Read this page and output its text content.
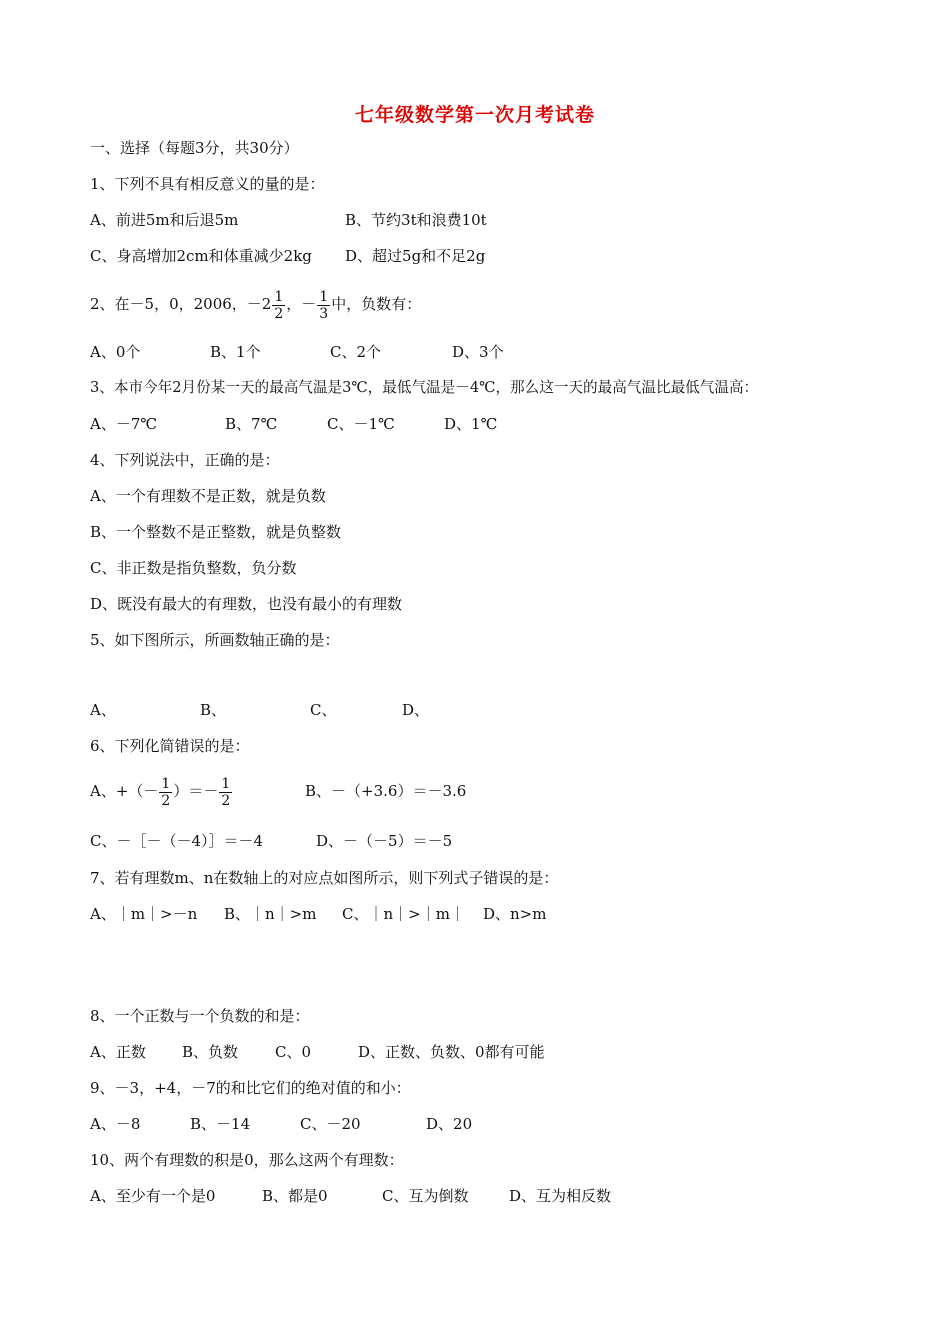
七年级数学第一次月考试卷
一、选择（每题3分，共30分）
1、下列不具有相反意义的量的是：
A、前进5m和后退5m	B、节约3t和浪费10t
C、身高增加2cm和体重减少2kg D、超过5g和不足2g
2、在－5，0，2006，$-2 \frac{1}{2}$ ，－ $\frac{1}{3}$ 中，负数有：
A、0个	B、1个	C、2个	D、3个
3、本市今年2月份某一天的最高气温是3℃，最低气温是－4℃，那么这一天的最高气温比最低气温高：
A、－7℃	B、7℃	C、－1℃	D、1℃
4、下列说法中，正确的是：
A、一个有理数不是正数，就是负数
B、一个整数不是正整数，就是负整数
C、非正数是指负整数，负分数
D、既没有最大的有理数，也没有最小的有理数
5、如下图所示，所画数轴正确的是：
A、	B、	C、	D、
6、下列化简错误的是：
A、+（－ $\frac{1}{2}$ ）＝－ $\frac{1}{2}$	B、－（+3.6）＝－3.6
C、－［－（－4）］＝－4	D、－（－5）＝－5
7、若有理数m、n在数轴上的对应点如图所示，则下列式子错误的是：
A、｜m｜>－n B、｜n｜>m C、｜n｜>｜m｜ D、n>m
8、一个正数与一个负数的和是：
A、正数 B、负数 C、0	D、正数、负数、0都有可能
9、－3，+4，－7的和比它们的绝对值的和小：
A、－8	B、－14	C、－20	D、20
10、两个有理数的积是0，那么这两个有理数：
A、至少有一个是0	B、都是0	C、互为倒数	D、互为相反数
